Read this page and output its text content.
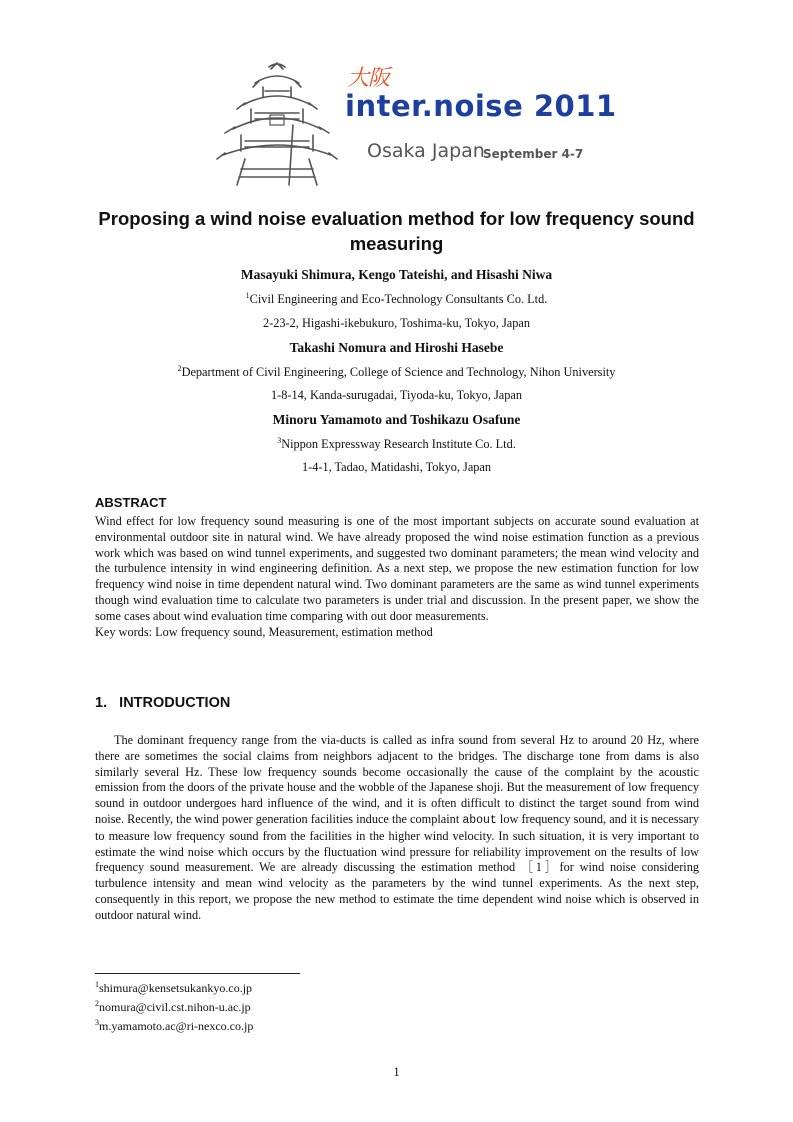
大阪
inter.noise 2011
Osaka Japan
September 4-7
Proposing a wind noise evaluation method for low frequency sound measuring
Masayuki Shimura, Kengo Tateishi, and Hisashi Niwa
$^1$Civil Engineering and Eco-Technology Consultants Co. Ltd.
2-23-2, Higashi-ikebukuro, Toshima-ku, Tokyo, Japan
Takashi Nomura and Hiroshi Hasebe
$^2$Department of Civil Engineering, College of Science and Technology, Nihon University
1-8-14, Kanda-surugadai, Tiyoda-ku, Tokyo, Japan
Minoru Yamamoto and Toshikazu Osafune
$^3$Nippon Expressway Research Institute Co. Ltd.
1-4-1, Tadao, Matidashi, Tokyo, Japan
ABSTRACT
Wind effect for low frequency sound measuring is one of the most important subjects on accurate sound evaluation at environmental outdoor site in natural wind. We have already proposed the wind noise estimation function as a previous work which was based on wind tunnel experiments, and suggested two dominant parameters; the mean wind velocity and the turbulence intensity in wind engineering definition. As a next step, we propose the new estimation function for low frequency wind noise in time dependent natural wind. Two dominant parameters are the same as wind tunnel experiments though wind evaluation time to calculate two parameters is under trial and discussion. In the present paper, we show the some cases about wind evaluation time comparing with out door measurements.
Key words: Low frequency sound, Measurement, estimation method
1.   INTRODUCTION

The dominant frequency range from the via-ducts is called as infra sound from several Hz to around 20 Hz, where there are sometimes the social claims from neighbors adjacent to the bridges. The discharge tone from dams is also similarly several Hz. These low frequency sounds become occasionally the cause of the complaint by the acoustic emission from the doors of the private house and the wobble of the Japanese shoji. But the measurement of low frequency sound in outdoor undergoes hard influence of the wind, and it is often difficult to distinct the target sound from wind noise. Recently, the wind power generation facilities induce the complaint about low frequency sound, and it is necessary to measure low frequency sound from the facilities in the higher wind velocity. In such situation, it is very important to estimate the wind noise which occurs by the fluctuation wind pressure for reliability improvement on the results of low frequency sound measurement. We are already discussing the estimation method ［1］for wind noise considering turbulence intensity and mean wind velocity as the parameters by the wind tunnel experiments. As the next step, consequently in this report, we propose the new method to estimate the time dependent wind noise which is observed in outdoor natural wind.

$^1$shimura@kensetsukankyo.co.jp
$^2$nomura@civil.cst.nihon-u.ac.jp
$^3$m.yamamoto.ac@ri-nexco.co.jp
1
